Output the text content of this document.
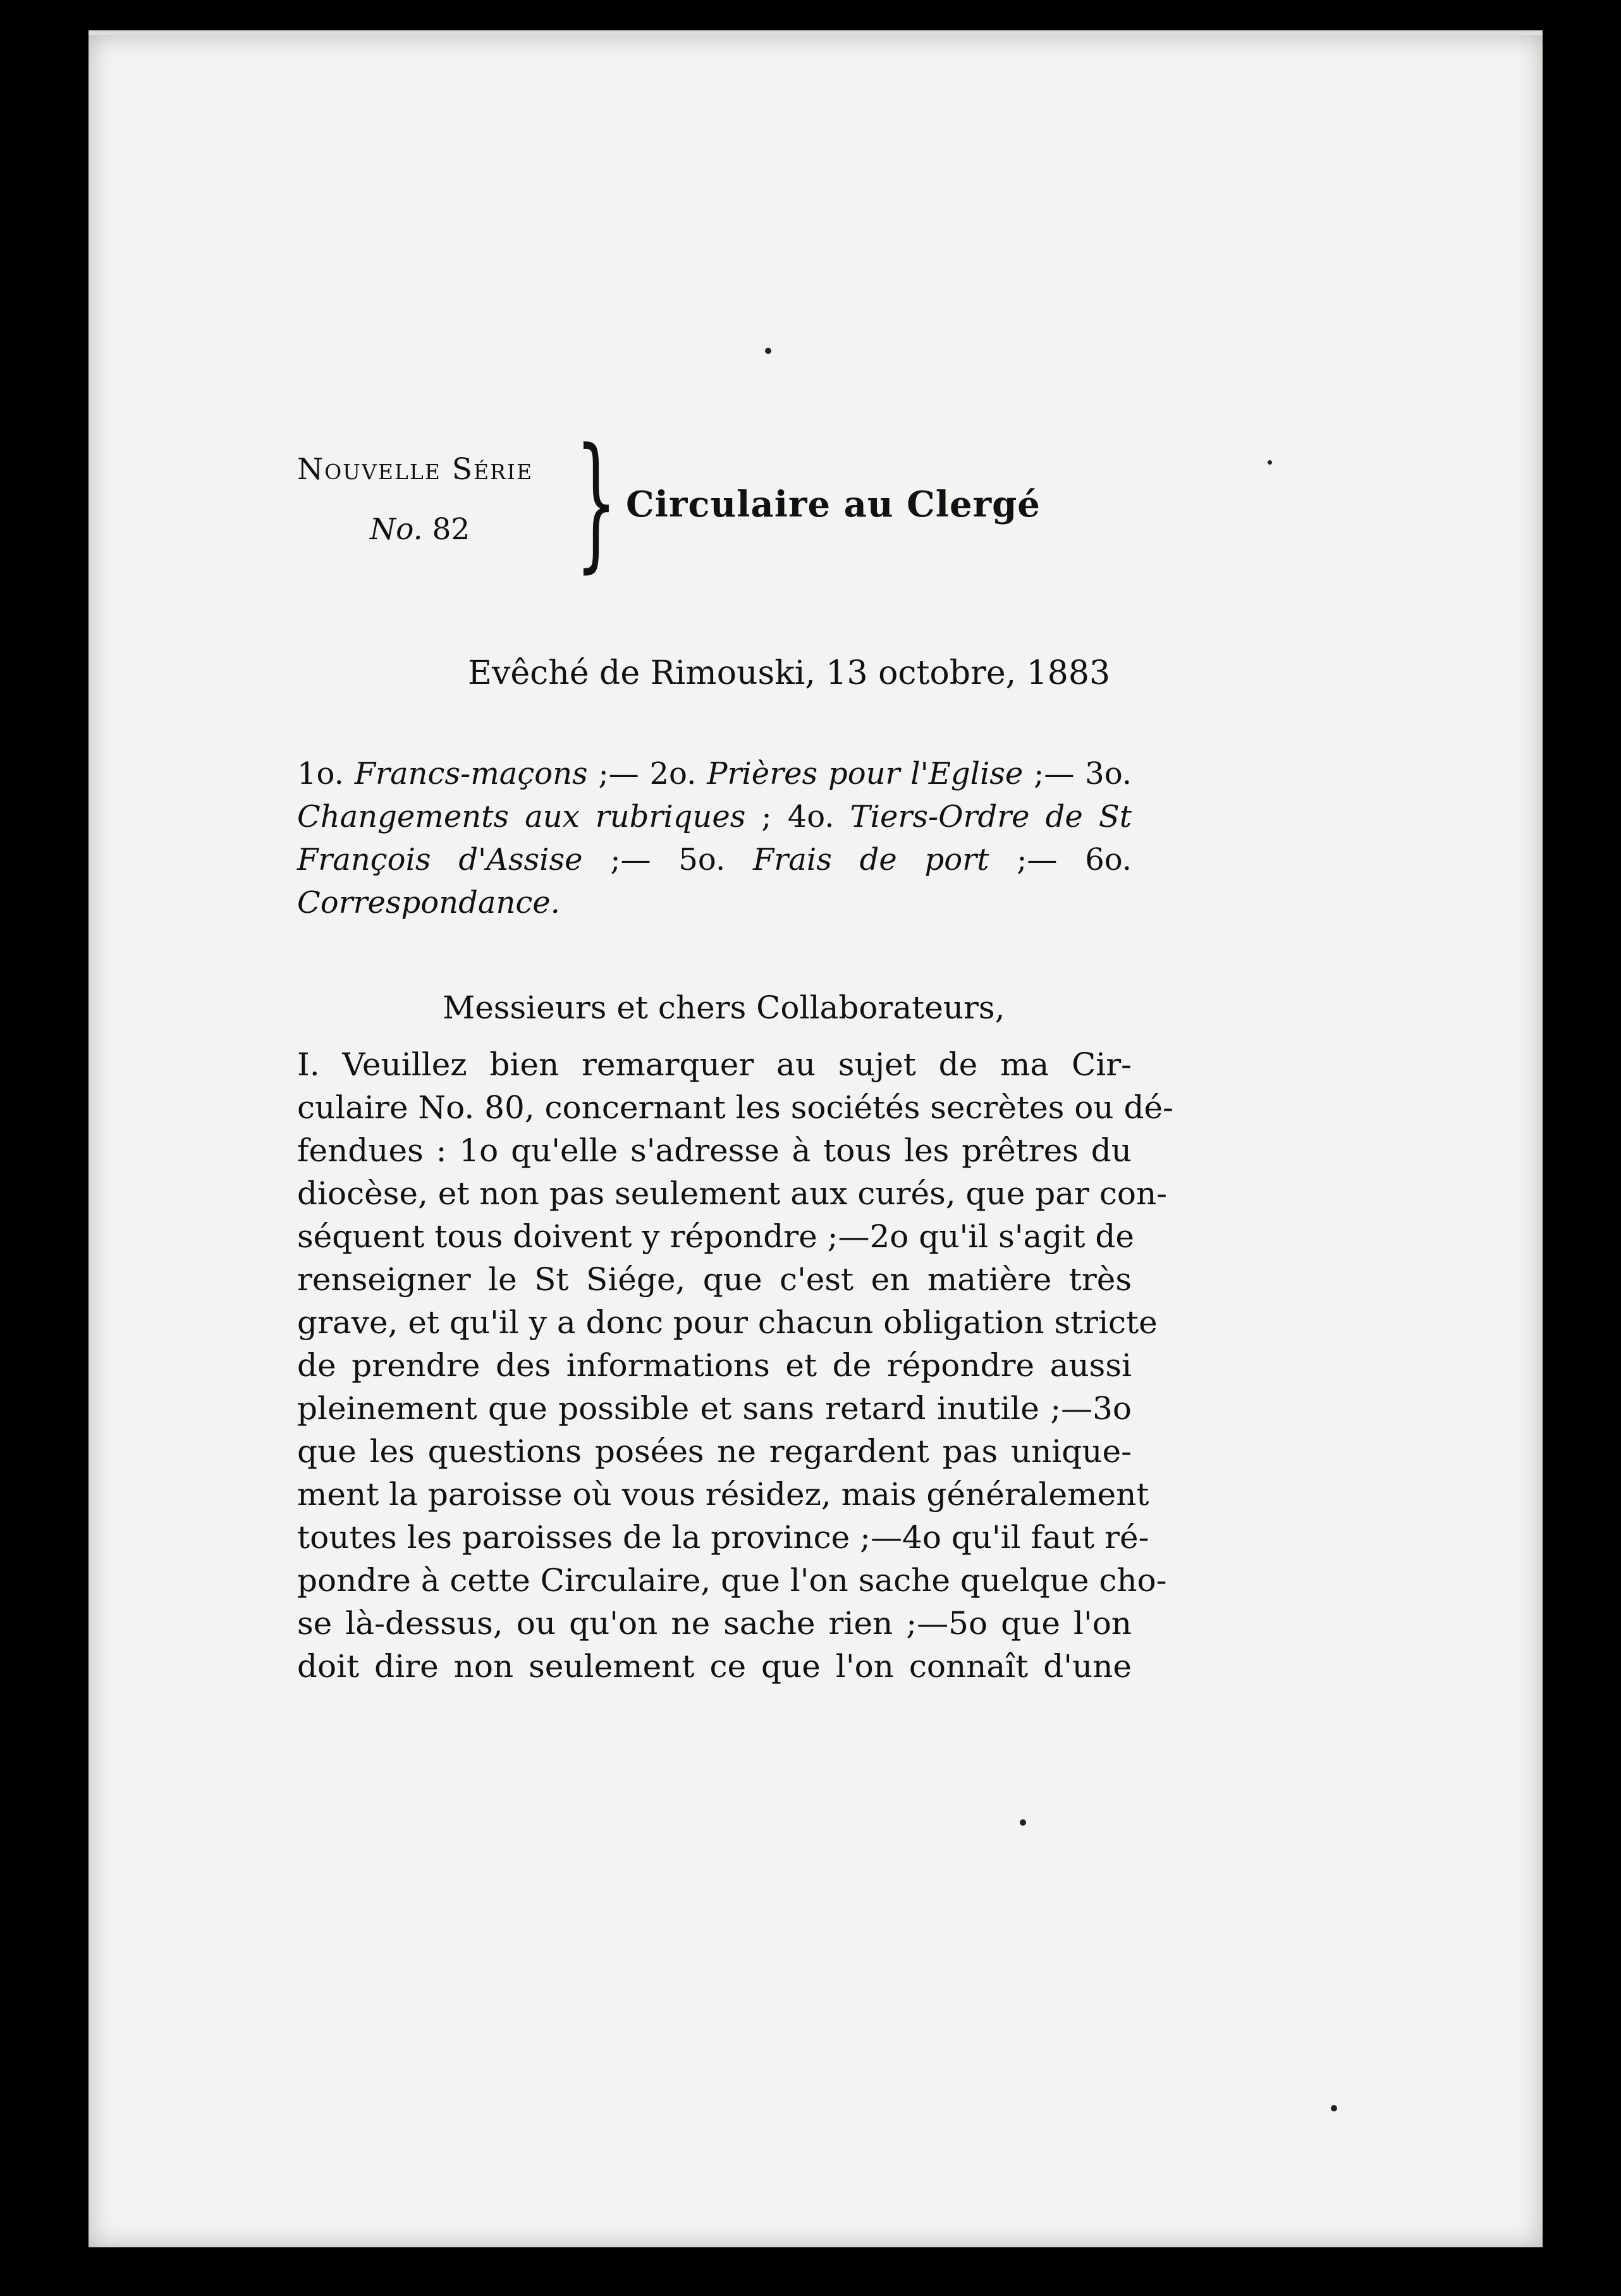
Nouvelle Série
No. 82 } Circulaire au Clergé
Evêché de Rimouski, 13 octobre, 1883
1o. Francs-maçons ;— 2o. Prières pour l'Eglise ;— 3o. Changements aux rubriques ; 4o. Tiers-Ordre de St François d'Assise ;— 5o. Frais de port ;— 6o. Correspondance.
Messieurs et chers Collaborateurs,
I. Veuillez bien remarquer au sujet de ma Cir-
culaire No. 80, concernant les sociétés secrètes ou dé-
fendues : 1o qu'elle s'adresse à tous les prêtres du
diocèse, et non pas seulement aux curés, que par con-
séquent tous doivent y répondre ;—2o qu'il s'agit de
renseigner le St Siége, que c'est en matière très
grave, et qu'il y a donc pour chacun obligation stricte
de prendre des informations et de répondre aussi
pleinement que possible et sans retard inutile ;—3o
que les questions posées ne regardent pas unique-
ment la paroisse où vous résidez, mais généralement
toutes les paroisses de la province ;—4o qu'il faut ré-
pondre à cette Circulaire, que l'on sache quelque cho-
se là-dessus, ou qu'on ne sache rien ;—5o que l'on
doit dire non seulement ce que l'on connaît d'une
